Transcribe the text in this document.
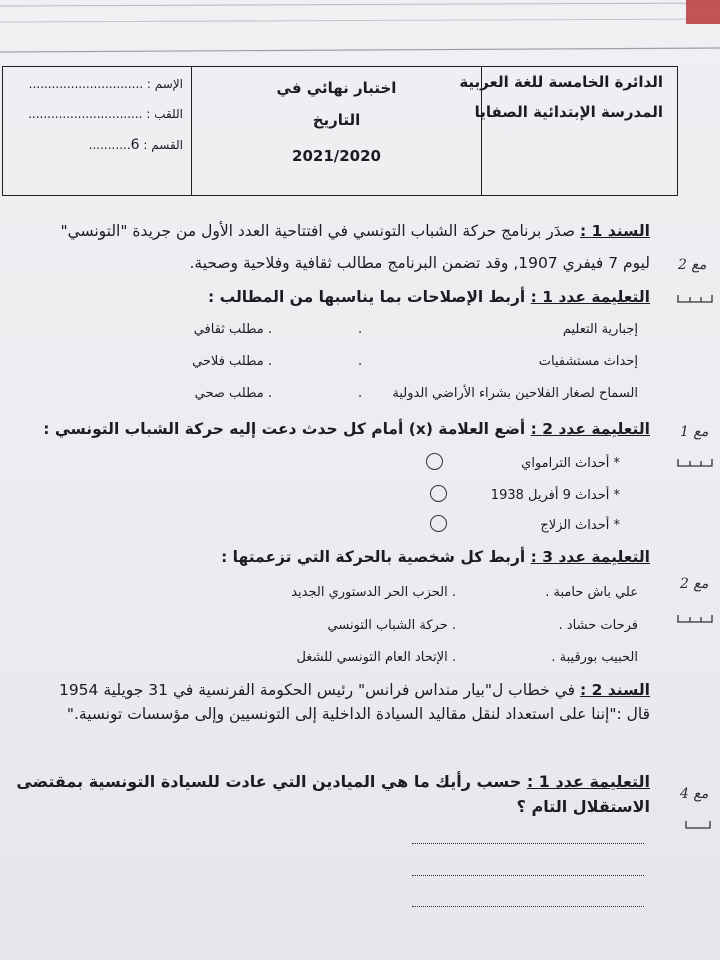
الدائرة الخامسة للغة العربية
المدرسة الإبتدائية الصفايا
اختبار نهائي في
التاريخ
2021/2020
الإسم : ..............................
اللقب : ..............................
القسم : 6...........
السند 1 : صدَر برنامج حركة الشباب التونسي في افتتاحية العدد الأول من جريدة "التونسي"
ليوم 7 فيفري 1907, وقد تضمن البرنامج مطالب ثقافية وفلاحية وصحية.
التعليمة عدد 1 : أربط الإصلاحات بما يناسبها من المطالب :
إجبارية التعليم
إحداث مستشفيات
السماح لصغار الفلاحين بشراء الأراضي الدولية
.
.
.
. مطلب ثقافي
. مطلب فلاحي
. مطلب صحي
التعليمة عدد 2 : أضع العلامة (x) أمام كل حدث دعت إليه حركة الشباب التونسي :
* أحداث الترامواي
* أحداث 9 أفريل 1938
* أحداث الزلاج
التعليمة عدد 3 : أربط كل شخصية بالحركة التي تزعمتها :
علي باش حامبة .
فرحات حشاد .
الحبيب بورقيبة .
. الحزب الحر الدستوري الجديد
. حركة الشباب التونسي
. الإتحاد العام التونسي للشغل
السند 2 : في خطاب ل"بيار منداس فرانس" رئيس الحكومة الفرنسية في 31 جويلية 1954
قال :"إننا على استعداد لنقل مقاليد السيادة الداخلية إلى التونسيين وإلى مؤسسات تونسية."
التعليمة عدد 1 : حسب رأيك ما هي الميادين التي عادت للسيادة التونسية بمقتضى
الاستقلال التام ؟
مع 2
مع 1
مع 2
مع 4
